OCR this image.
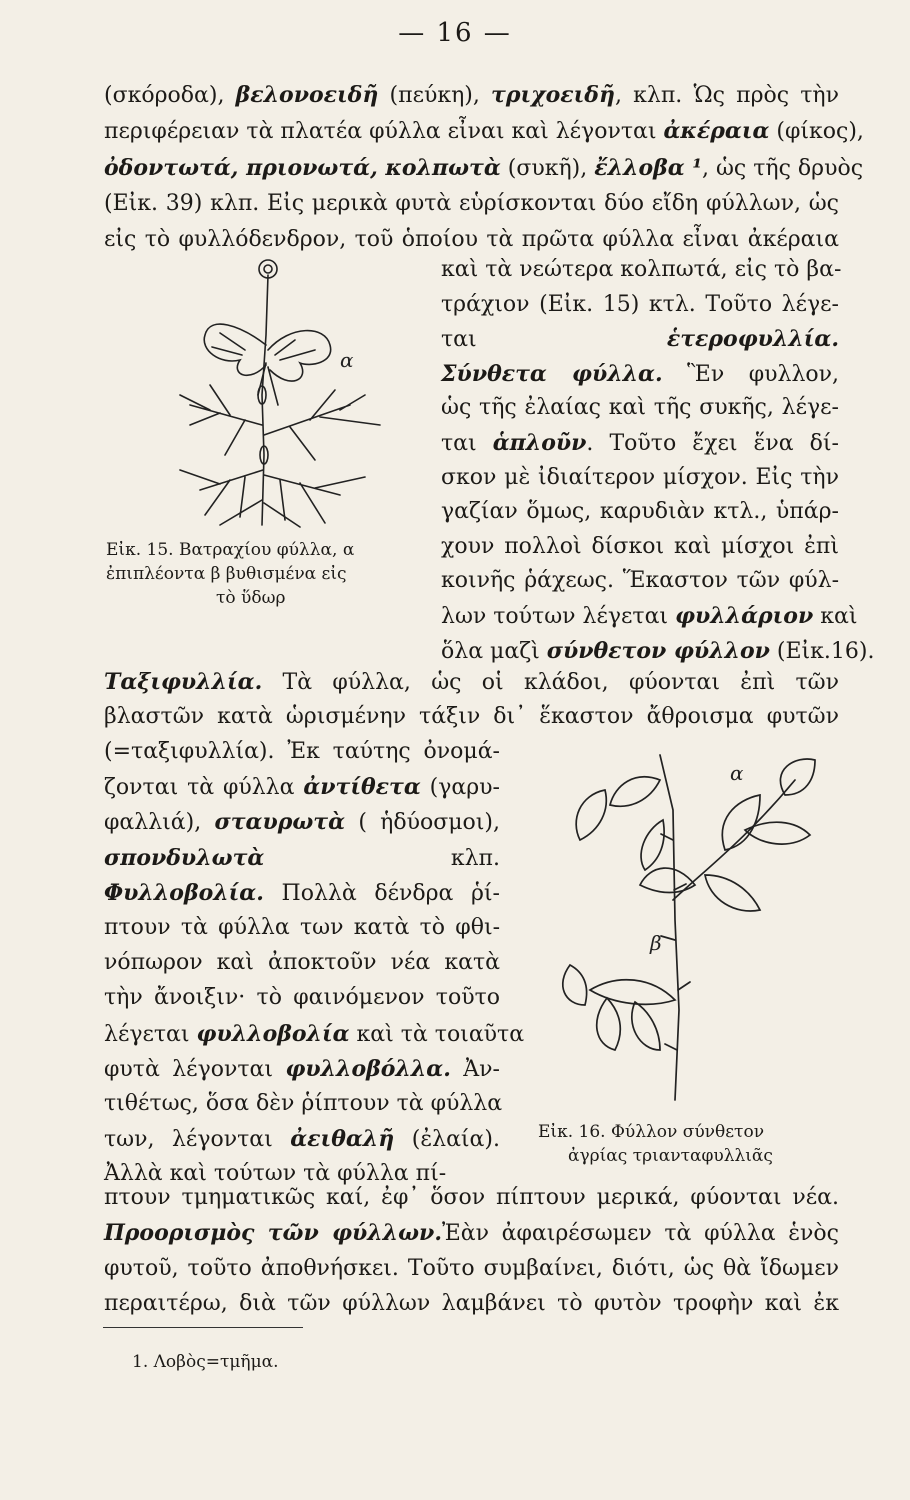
— 16 —
(σκόροδα), βελονοειδῆ (πεύκη), τριχοειδῆ, κλπ. Ὡς πρὸς τὴν
περιφέρειαν τὰ πλατέα φύλλα εἶναι καὶ λέγονται ἀκέραια (φίκος),
ὀδοντωτά, πριονωτά, κολπωτὰ (συκῆ), ἔλλοβα ¹, ὡς τῆς δρυὸς
(Εἰκ. 39) κλπ. Εἰς μερικὰ φυτὰ εὑρίσκονται δύο εἴδη φύλλων, ὡς
εἰς τὸ φυλλόδενδρον, τοῦ ὁποίου τὰ πρῶτα φύλλα εἶναι ἀκέραια
καὶ τὰ νεώτερα κολπωτά, εἰς τὸ βα-
τράχιον (Εἰκ. 15) κτλ. Τοῦτο λέγε-
ται ἑτεροφυλλία.
Σύνθετα φύλλα. Ἓν φυλλον,
ὡς τῆς ἐλαίας καὶ τῆς συκῆς, λέγε-
ται ἁπλοῦν. Τοῦτο ἔχει ἕνα δί-
σκον μὲ ἰδιαίτερον μίσχον. Εἰς τὴν
γαζίαν ὅμως, καρυδιὰν κτλ., ὑπάρ-
χουν πολλοὶ δίσκοι καὶ μίσχοι ἐπὶ
κοινῆς ῥάχεως. Ἕκαστον τῶν φύλ-
λων τούτων λέγεται φυλλάριον καὶ
ὅλα μαζὶ σύνθετον φύλλον (Εἰκ.16).
Ταξιφυλλία. Τὰ φύλλα, ὡς οἱ κλάδοι, φύονται ἐπὶ τῶν
βλαστῶν κατὰ ὡρισμένην τάξιν δι᾿ ἕκαστον ἄθροισμα φυτῶν
(=ταξιφυλλία). Ἐκ ταύτης ὀνομά-
ζονται τὰ φύλλα ἀντίθετα (γαρυ-
φαλλιά), σταυρωτὰ ( ἡδύοσμοι),
σπονδυλωτὰ κλπ.
Φυλλοβολία. Πολλὰ δένδρα ῥί-
πτουν τὰ φύλλα των κατὰ τὸ φθι-
νόπωρον καὶ ἀποκτοῦν νέα κατὰ
τὴν ἄνοιξιν· τὸ φαινόμενον τοῦτο
λέγεται φυλλοβολία καὶ τὰ τοιαῦτα
φυτὰ λέγονται φυλλοβόλλα. Ἀν-
τιθέτως, ὅσα δὲν ῥίπτουν τὰ φύλλα
των, λέγονται ἀειθαλῆ (ἐλαία).
Ἀλλὰ καὶ τούτων τὰ φύλλα πί-
πτουν τμηματικῶς καί, ἐφ᾿ ὅσον πίπτουν μερικά, φύονται νέα.
Προορισμὸς τῶν φύλλων.Ἐὰν ἀφαιρέσωμεν τὰ φύλλα ἑνὸς
φυτοῦ, τοῦτο ἀποθνήσκει. Τοῦτο συμβαίνει, διότι, ὡς θὰ ἴδωμεν
περαιτέρω, διὰ τῶν φύλλων λαμβάνει τὸ φυτὸν τροφὴν καὶ ἐκ
α
Εἰκ. 15. Βατραχίου φύλλα, α
ἐπιπλέοντα β βυθισμένα εἰς
τὸ ὕδωρ
α
β
Εἰκ. 16. Φύλλον σύνθετον
ἀγρίας τριανταφυλλιᾶς
1. Λοβὸς=τμῆμα.
